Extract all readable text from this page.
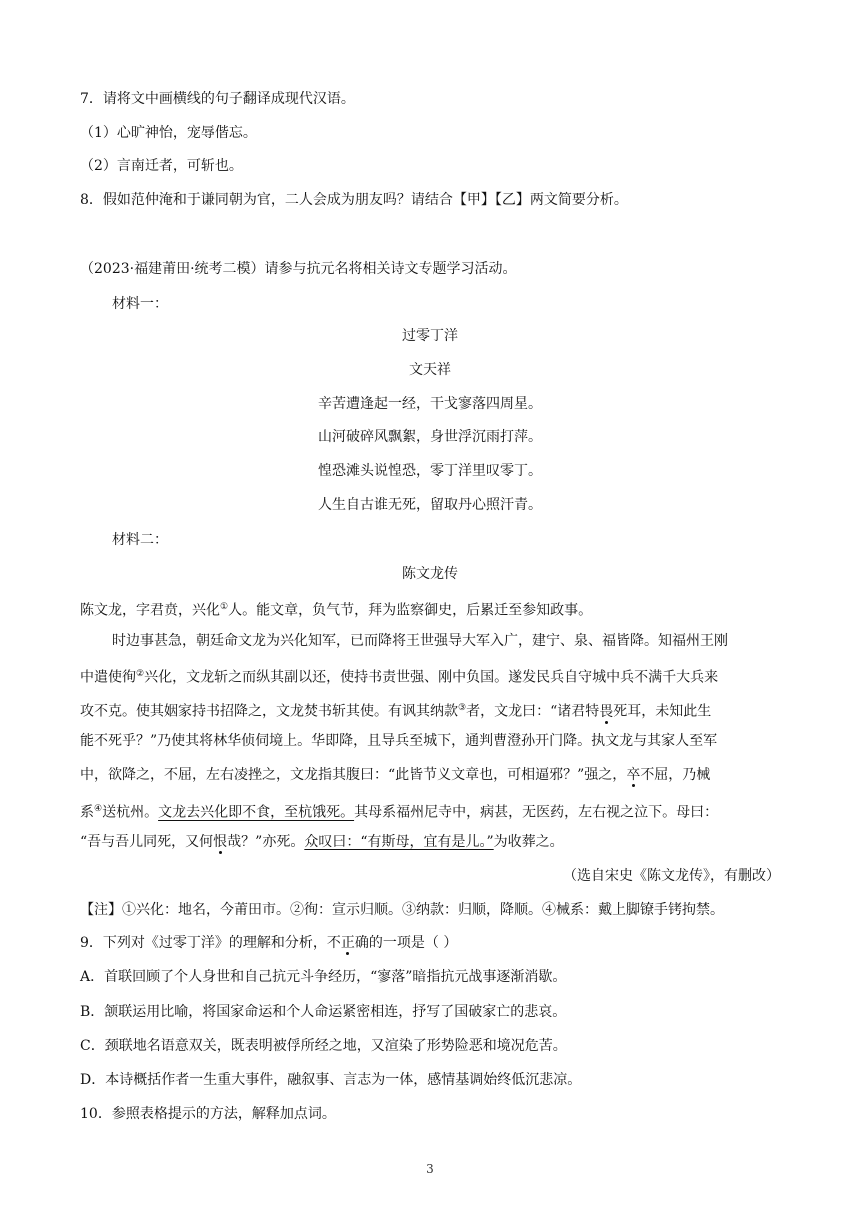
7．请将文中画横线的句子翻译成现代汉语。
（1）心旷神怡，宠辱偕忘。
（2）言南迁者，可斩也。
8．假如范仲淹和于谦同朝为官，二人会成为朋友吗？请结合【甲】【乙】两文简要分析。
（2023·福建莆田·统考二模）请参与抗元名将相关诗文专题学习活动。
材料一：
过零丁洋
文天祥
辛苦遭逢起一经，干戈寥落四周星。
山河破碎风飘絮，身世浮沉雨打萍。
惶恐滩头说惶恐，零丁洋里叹零丁。
人生自古谁无死，留取丹心照汗青。
材料二：
陈文龙传
陈文龙，字君贲，兴化①人。能文章，负气节，拜为监察御史，后累迁至参知政事。
时边事甚急，朝廷命文龙为兴化知军，已而降将王世强导大军入广，建宁、泉、福皆降。知福州王刚
中遣使徇②兴化，文龙斩之而纵其副以还，使持书责世强、刚中负国。遂发民兵自守城中兵不满千大兵来
攻不克。使其姻家持书招降之，文龙焚书斩其使。有讽其纳款③者，文龙曰：“诸君特畏死耳，未知此生
能不死乎？”乃使其将林华侦伺境上。华即降，且导兵至城下，通判曹澄孙开门降。执文龙与其家人至军
中，欲降之，不屈，左右凌挫之，文龙指其腹曰：“此皆节义文章也，可相逼邪？”强之，卒不屈，乃械
系④送杭州。文龙去兴化即不食，至杭饿死。其母系福州尼寺中，病甚，无医药，左右视之泣下。母曰：
“吾与吾儿同死，又何恨哉？”亦死。众叹曰：“有斯母，宜有是儿。”为收葬之。
（选自宋史《陈文龙传》，有删改）
【注】①兴化：地名，今莆田市。②徇：宣示归顺。③纳款：归顺，降顺。④械系：戴上脚镣手铐拘禁。
9．下列对《过零丁洋》的理解和分析，不正确的一项是（ ）
A．首联回顾了个人身世和自己抗元斗争经历，“寥落”暗指抗元战事逐渐消歇。
B．颔联运用比喻，将国家命运和个人命运紧密相连，抒写了国破家亡的悲哀。
C．颈联地名语意双关，既表明被俘所经之地，又渲染了形势险恶和境况危苦。
D．本诗概括作者一生重大事件，融叙事、言志为一体，感情基调始终低沉悲凉。
10．参照表格提示的方法，解释加点词。
3
